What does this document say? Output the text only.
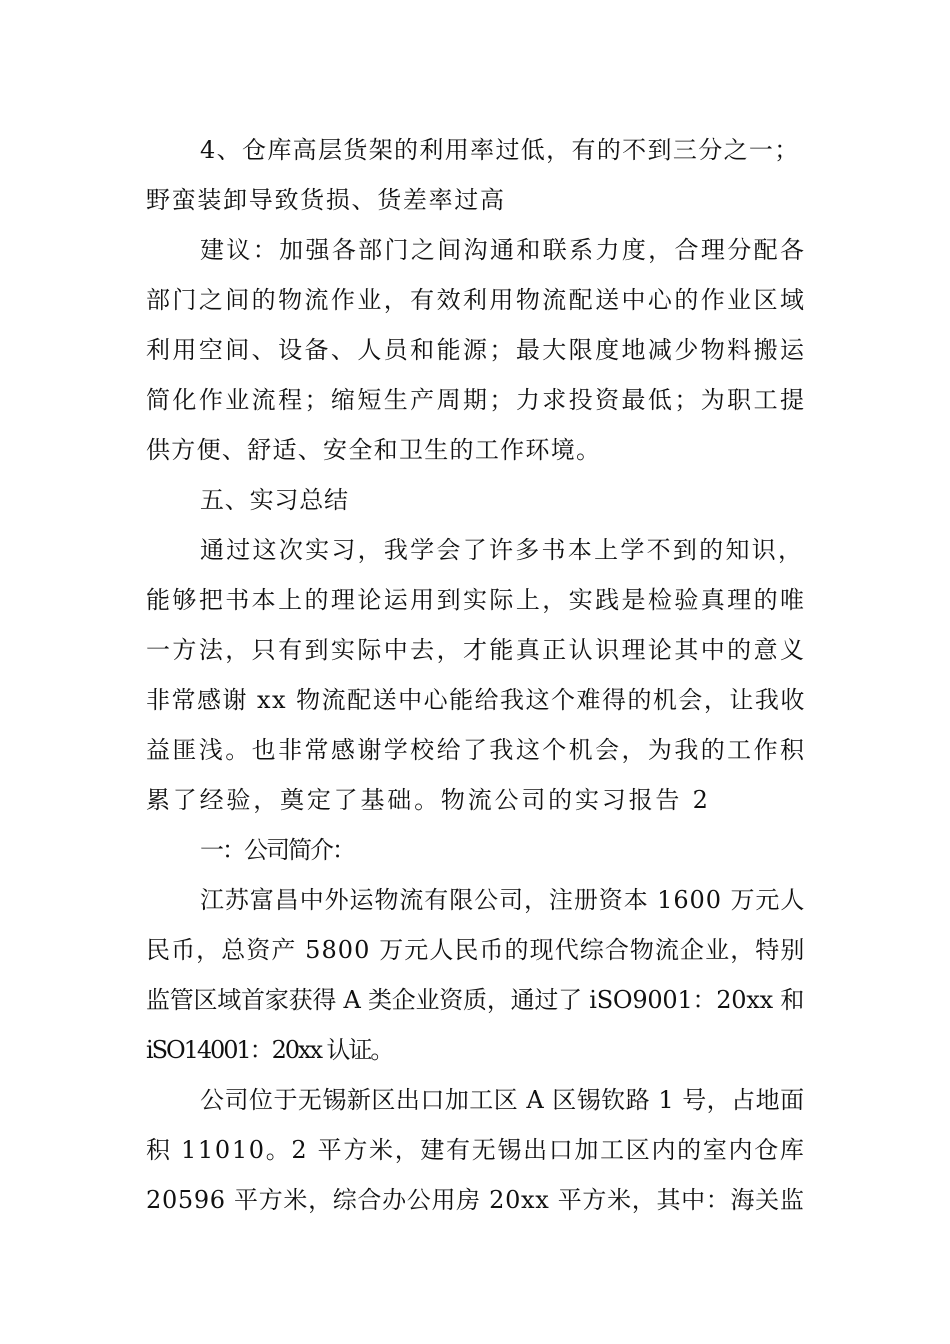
4、仓库高层货架的利用率过低，有的不到三分之一；

野蛮装卸导致货损、货差率过高

建议：加强各部门之间沟通和联系力度，合理分配各

部门之间的物流作业，有效利用物流配送中心的作业区域

利用空间、设备、人员和能源；最大限度地减少物料搬运

简化作业流程；缩短生产周期；力求投资最低；为职工提

供方便、舒适、安全和卫生的工作环境。

五、实习总结

通过这次实习，我学会了许多书本上学不到的知识，

能够把书本上的理论运用到实际上，实践是检验真理的唯

一方法，只有到实际中去，才能真正认识理论其中的意义

非常感谢 xx 物流配送中心能给我这个难得的机会，让我收

益匪浅。也非常感谢学校给了我这个机会，为我的工作积

累了经验，奠定了基础。物流公司的实习报告 2

一：公司简介：

江苏富昌中外运物流有限公司，注册资本 1600 万元人

民币，总资产 5800 万元人民币的现代综合物流企业，特别

监管区域首家获得 A 类企业资质，通过了 iSO9001：20xx 和

iSO14001：20xx 认证。

公司位于无锡新区出口加工区 A 区锡钦路 1 号，占地面

积 11010。2 平方米，建有无锡出口加工区内的室内仓库

20596 平方米，综合办公用房 20xx 平方米，其中：海关监
